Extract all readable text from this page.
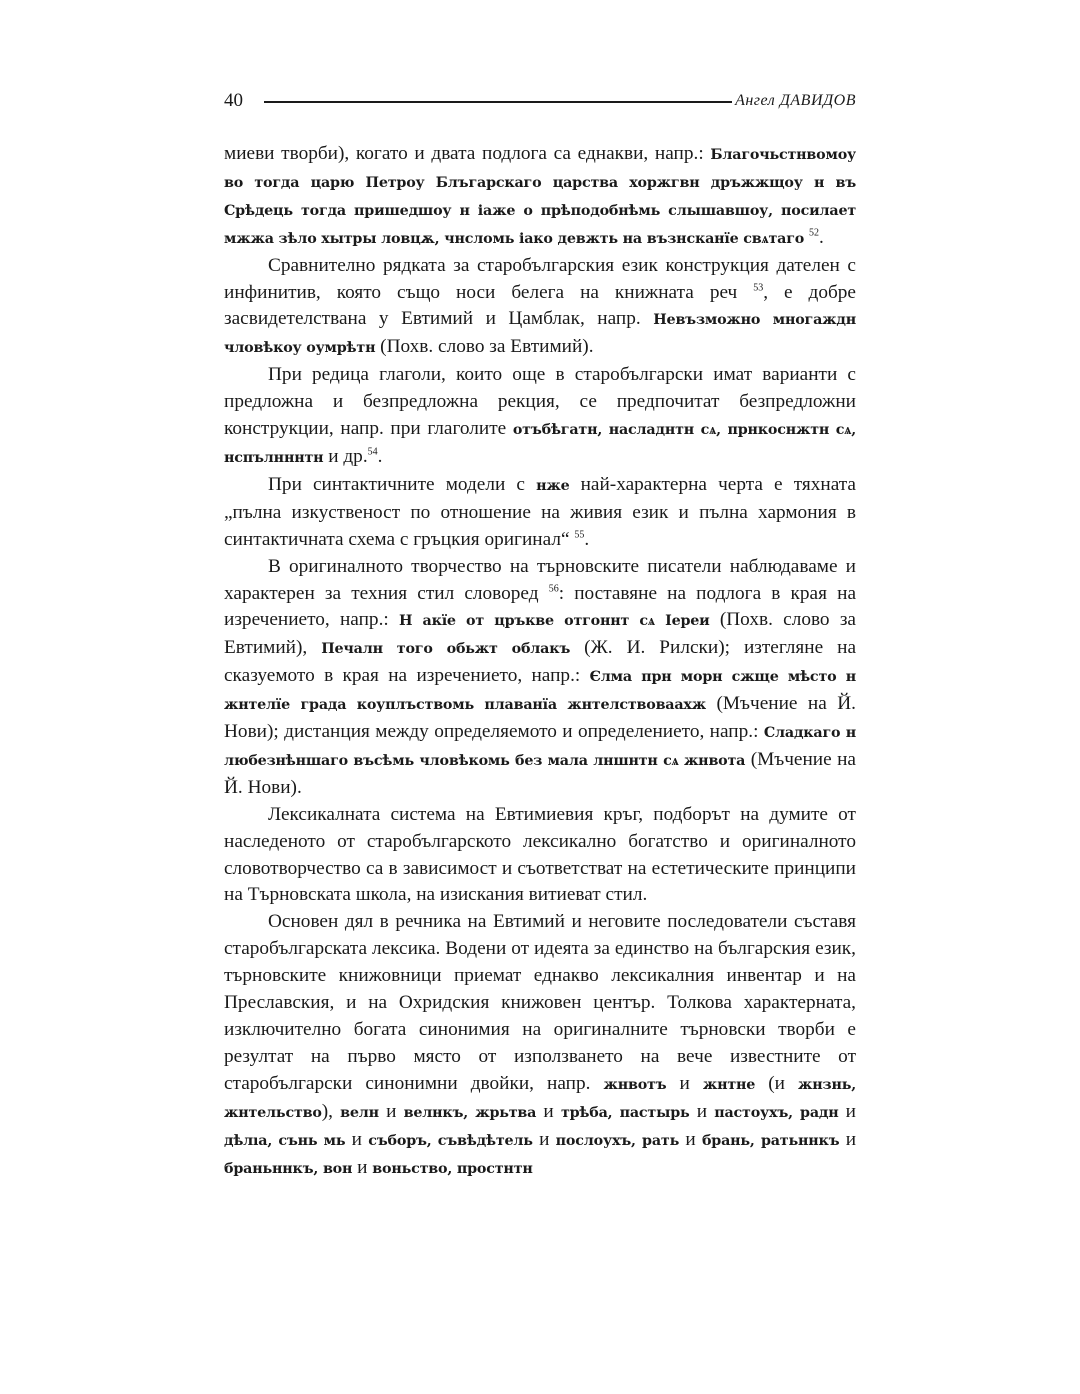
40	Ангел ДАВИДОВ

миеви творби), когато и двата подлога са еднакви, напр.: Благочьстнвомоу во тогда царю Петроу Блъгарскаго царства хоржгвн дръжжщоу н въ Срѣдець тогда пришедшоу н іаже о прѣподобнѣмь слышавшоу, посилает мжжа зѣло хытры ловцѫ, чнсломь іако девжть на възнсканїе свѧтаго $^{52}$.

Сравнително рядката за старобългарския език конструкция дателен с инфинитив, която също носи белега на книжната реч $^{53}$, е добре засвидетелствана у Евтимий и Цамблак, напр. Невъзможно многаждн чловѣкоу оумрѣтн (Похв. слово за Евтимий).

При редица глаголи, които още в старобългарски имат варианти с предложна и безпредложна рекция, се предпочитат безпредложни конструкции, напр. при глаголите отъбѣгатн, насладнтн сѧ, прнкоснжтн сѧ, нспълнннтн и др.$^{54}$.

При синтактичните модели с нже най-характерна черта е тяхната „пълна изкуственост по отношение на живия език и пълна хармония в синтактичната схема с гръцкия оригинал“ $^{55}$.

В оригиналното творчество на търновските писатели наблюдаваме и характерен за техния стил словоред $^{56}$: поставяне на подлога в края на изречението, напр.: Н акїе от цръкве отгоннт сѧ Іереи (Похв. слово за Евтимий), Печалн того обьжт облакъ (Ж. И. Рилски); изтегляне на сказуемото в края на изречението, напр.: Єлма прн морн сжще мѣсто н жнтелїе града коуплъствомь плаванїа жнтелствоваахж (Мъчение на Й. Нови); дистанция между определяемото и определението, напр.: Сладкаго н любезнѣншаго въсѣмь чловѣкомь без мала лншнтн сѧ жнвота (Мъчение на Й. Нови).

Лексикалната система на Евтимиевия кръг, подборът на думите от наследеното от старобългарското лексикално богатство и оригиналното словотворчество са в зависимост и съответстват на естетическите принципи на Търновската школа, на изискания витиеват стил.

Основен дял в речника на Евтимий и неговите последователи съставя старобългарската лексика. Водени от идеята за единство на българския език, търновските книжовници приемат еднакво лексикалния инвентар и на Преславския, и на Охридския книжовен център. Толкова характерната, изключително богата синонимия на оригиналните търновски творби е резултат на първо място от използването на вече известните от старобългарски синонимни двойки, напр. жнвотъ и жнтне (и жнзнь, жнтельство), велн и велнкъ, жрьтва и трѣба, пастырь и пастоухъ, радн и дѣлıа, сънь мь и съборъ, съвѣдѣтель и послоухъ, рать и брань, ратьннкъ и браньннкъ, вон и воньство, простнтн
